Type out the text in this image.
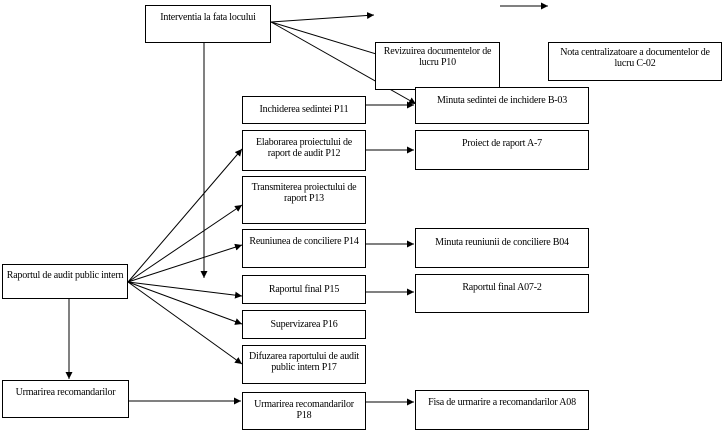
Interventia la fata locului
Revizuirea documentelor de lucru P10
Nota centralizatoare a documentelor de lucru C-02
Inchiderea sedintei P11
Minuta sedintei de inchidere B-03
Elaborarea proiectului de raport de audit P12
Proiect de raport A-7
Transmiterea proiectului de raport P13
Reuniunea de conciliere P14	Minuta reuniunii de conciliere B04
Raportul de audit public intern
Raportul final P15	Raportul final A07-2
Supervizarea P16
Difuzarea raportului de audit public intern P17
Urmarirea recomandarilor
Urmarirea recomandarilor P18
Fisa de urmarire a recomandarilor A08
